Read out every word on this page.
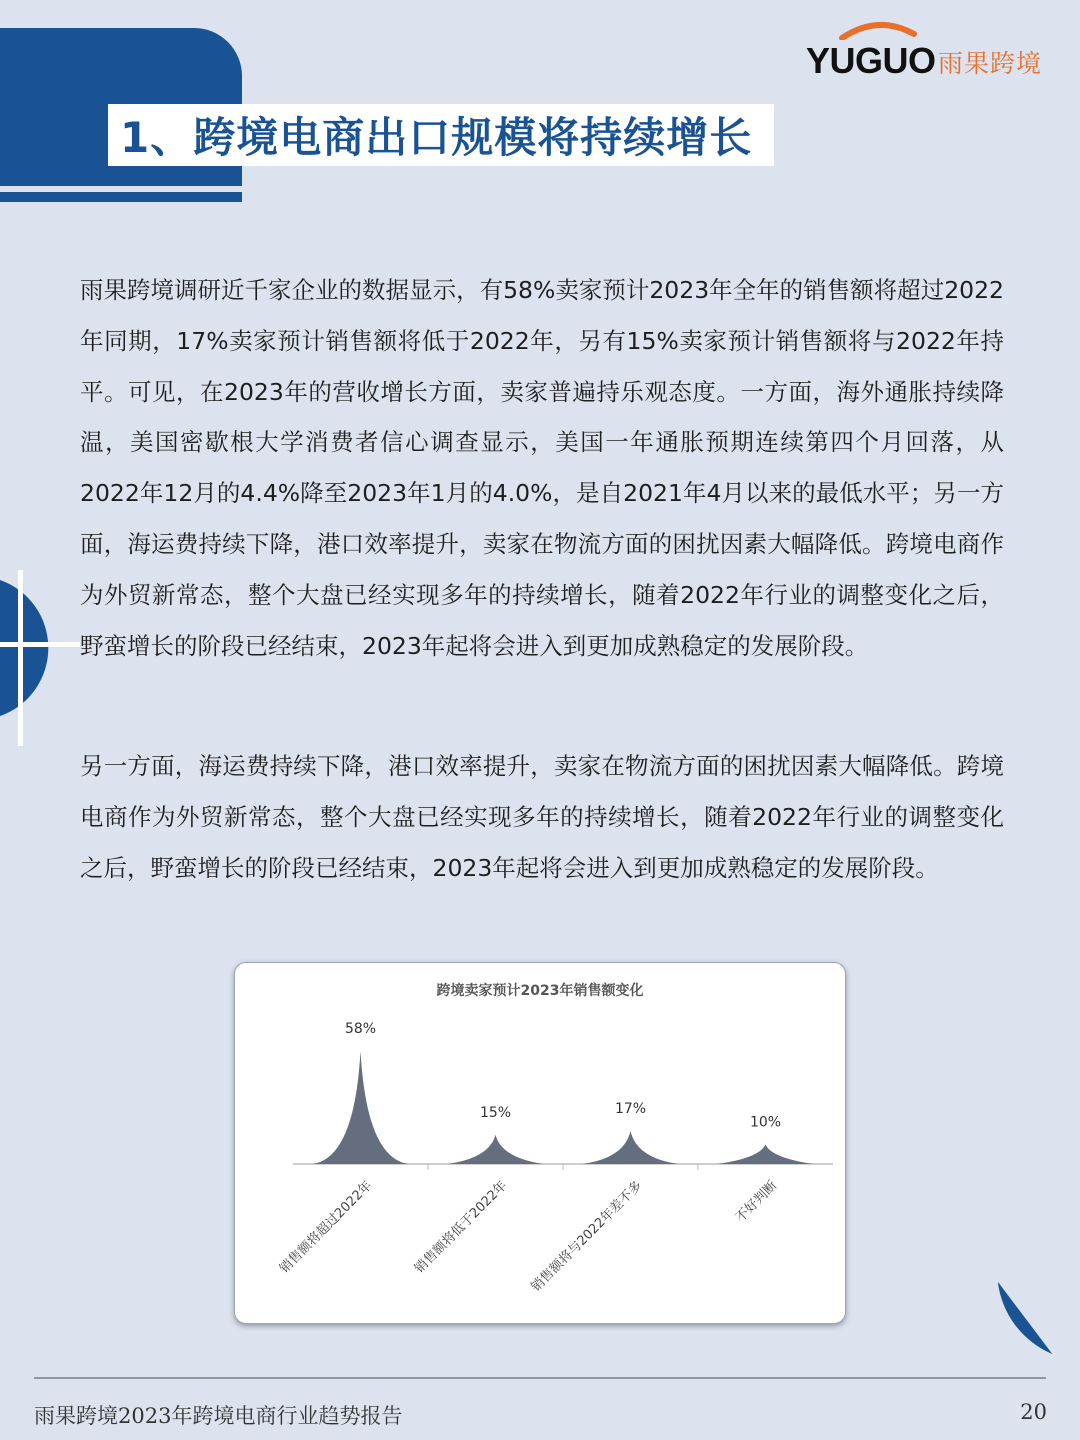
1、跨境电商出口规模将持续增长
YUGUO 雨果跨境

雨果跨境调研近千家企业的数据显示，有58%卖家预计2023年全年的销售额将超过2022年同期，17%卖家预计销售额将低于2022年，另有15%卖家预计销售额将与2022年持平。可见，在2023年的营收增长方面，卖家普遍持乐观态度。一方面，海外通胀持续降温，美国密歇根大学消费者信心调查显示，美国一年通胀预期连续第四个月回落，从2022年12月的4.4%降至2023年1月的4.0%，是自2021年4月以来的最低水平；另一方面，海运费持续下降，港口效率提升，卖家在物流方面的困扰因素大幅降低。跨境电商作为外贸新常态，整个大盘已经实现多年的持续增长，随着2022年行业的调整变化之后，野蛮增长的阶段已经结束，2023年起将会进入到更加成熟稳定的发展阶段。

另一方面，海运费持续下降，港口效率提升，卖家在物流方面的困扰因素大幅降低。跨境电商作为外贸新常态，整个大盘已经实现多年的持续增长，随着2022年行业的调整变化之后，野蛮增长的阶段已经结束，2023年起将会进入到更加成熟稳定的发展阶段。

跨境卖家预计2023年销售额变化
58%
销售额将超过2022年
15%
销售额将低于2022年
17%
销售额将与2022年差不多
10%
不好判断
雨果跨境2023年跨境电商行业趋势报告	20
